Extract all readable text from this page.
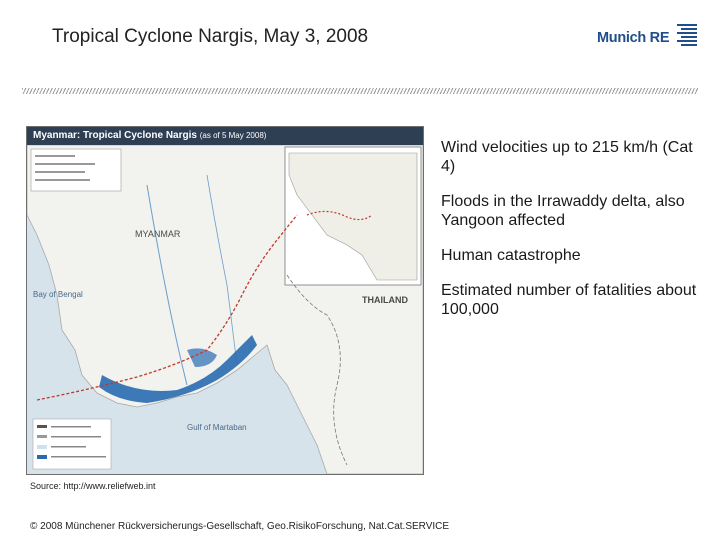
Tropical Cyclone Nargis, May 3, 2008	Munich RE
Myanmar: Tropical Cyclone Nargis (as of 5 May 2008)
MYANMAR
THAILAND
Bay of Bengal
Gulf of Martaban

Wind velocities up to 215 km/h (Cat 4)

Floods in the Irrawaddy delta, also Yangoon affected

Human catastrophe

Estimated number of fatalities about 100,000

Source: http://www.reliefweb.int
© 2008 Münchener Rückversicherungs-Gesellschaft, Geo.RisikoForschung, Nat.Cat.SERVICE
